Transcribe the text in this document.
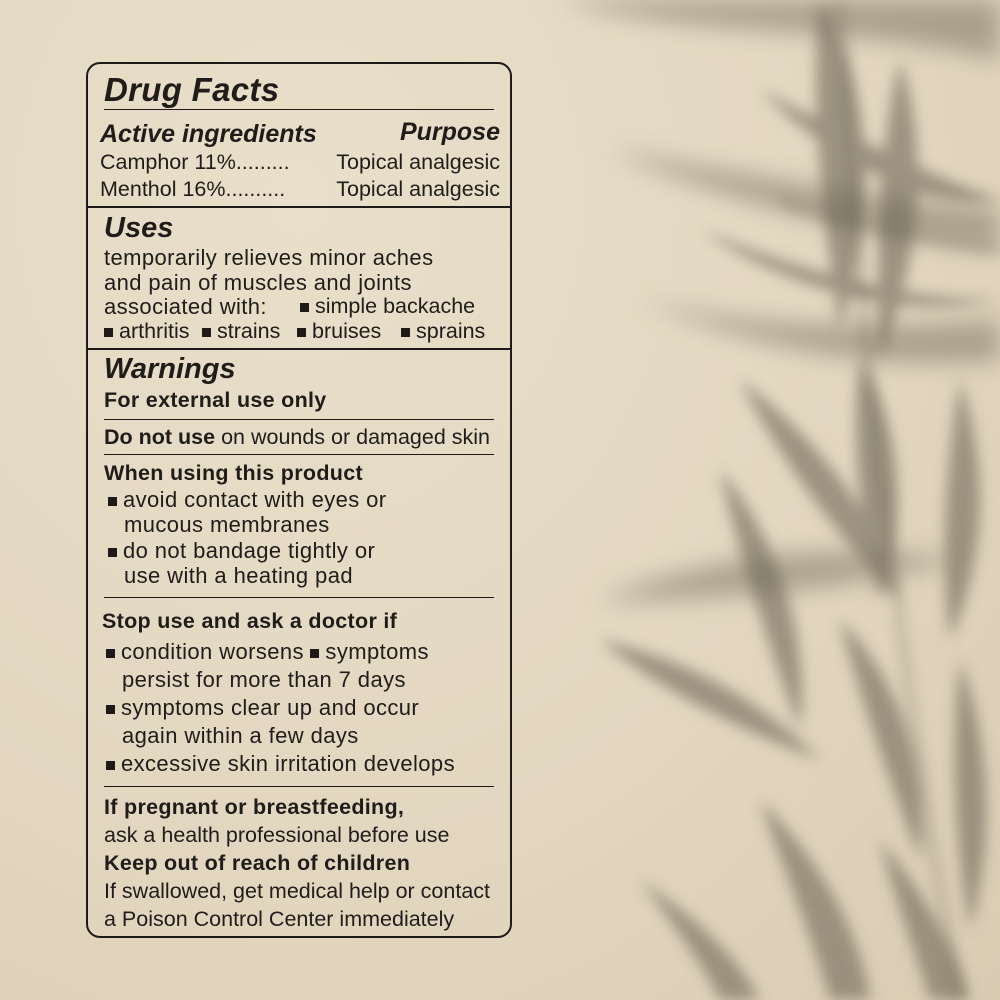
Drug Facts
Active ingredients	Purpose
Camphor 11%......... Topical analgesic
Menthol 16%.......... Topical analgesic
Uses
temporarily relieves minor aches
and pain of muscles and joints
associated with:	simple backache
arthritis	strains	bruises	sprains
Warnings
For external use only
Do not use on wounds or damaged skin
When using this product
avoid contact with eyes or
mucous membranes
do not bandage tightly or
use with a heating pad
Stop use and ask a doctor if
condition worsens symptoms
persist for more than 7 days
symptoms clear up and occur
again within a few days
excessive skin irritation develops
If pregnant or breastfeeding,
ask a health professional before use
Keep out of reach of children
If swallowed, get medical help or contact
a Poison Control Center immediately
